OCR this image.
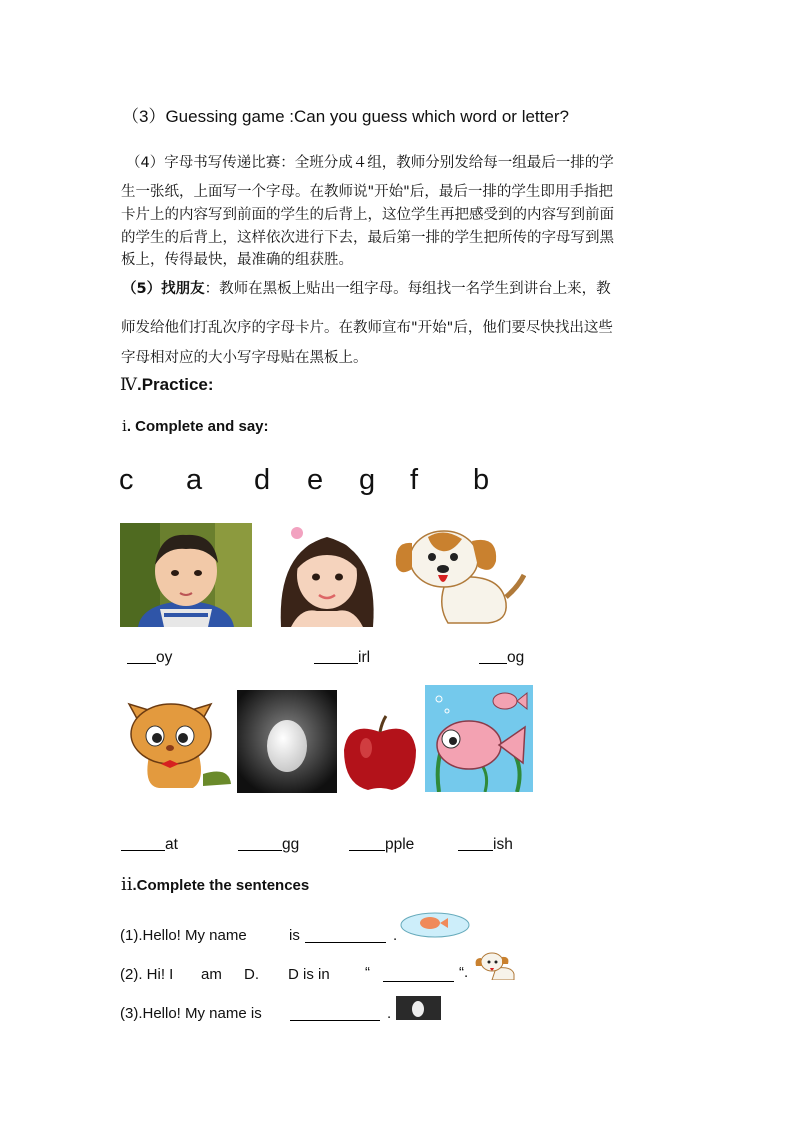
（3）Guessing game :Can you guess which word or letter?
（4）字母书写传递比赛：全班分成４组，教师分别发给每一组最后一排的学
生一张纸，上面写一个字母。在教师说"开始"后，最后一排的学生即用手指把
卡片上的内容写到前面的学生的后背上，这位学生再把感受到的内容写到前面
的学生的后背上，这样依次进行下去，最后第一排的学生把所传的字母写到黑
板上，传得最快，最准确的组获胜。
（5）找朋友：教师在黑板上贴出一组字母。每组找一名学生到讲台上来，教
师发给他们打乱次序的字母卡片。在教师宣布"开始"后，他们要尽快找出这些
字母相对应的大小写字母贴在黑板上。
Ⅳ.Practice:
ⅰ. Complete and say:
c a d e g f b
oy	irl	og
at	gg	pple	ish
ⅱ.Complete the sentences
(1).Hello! My name	is	.
(2). Hi! I am D. D is in “	“.
(3).Hello! My name is	.
